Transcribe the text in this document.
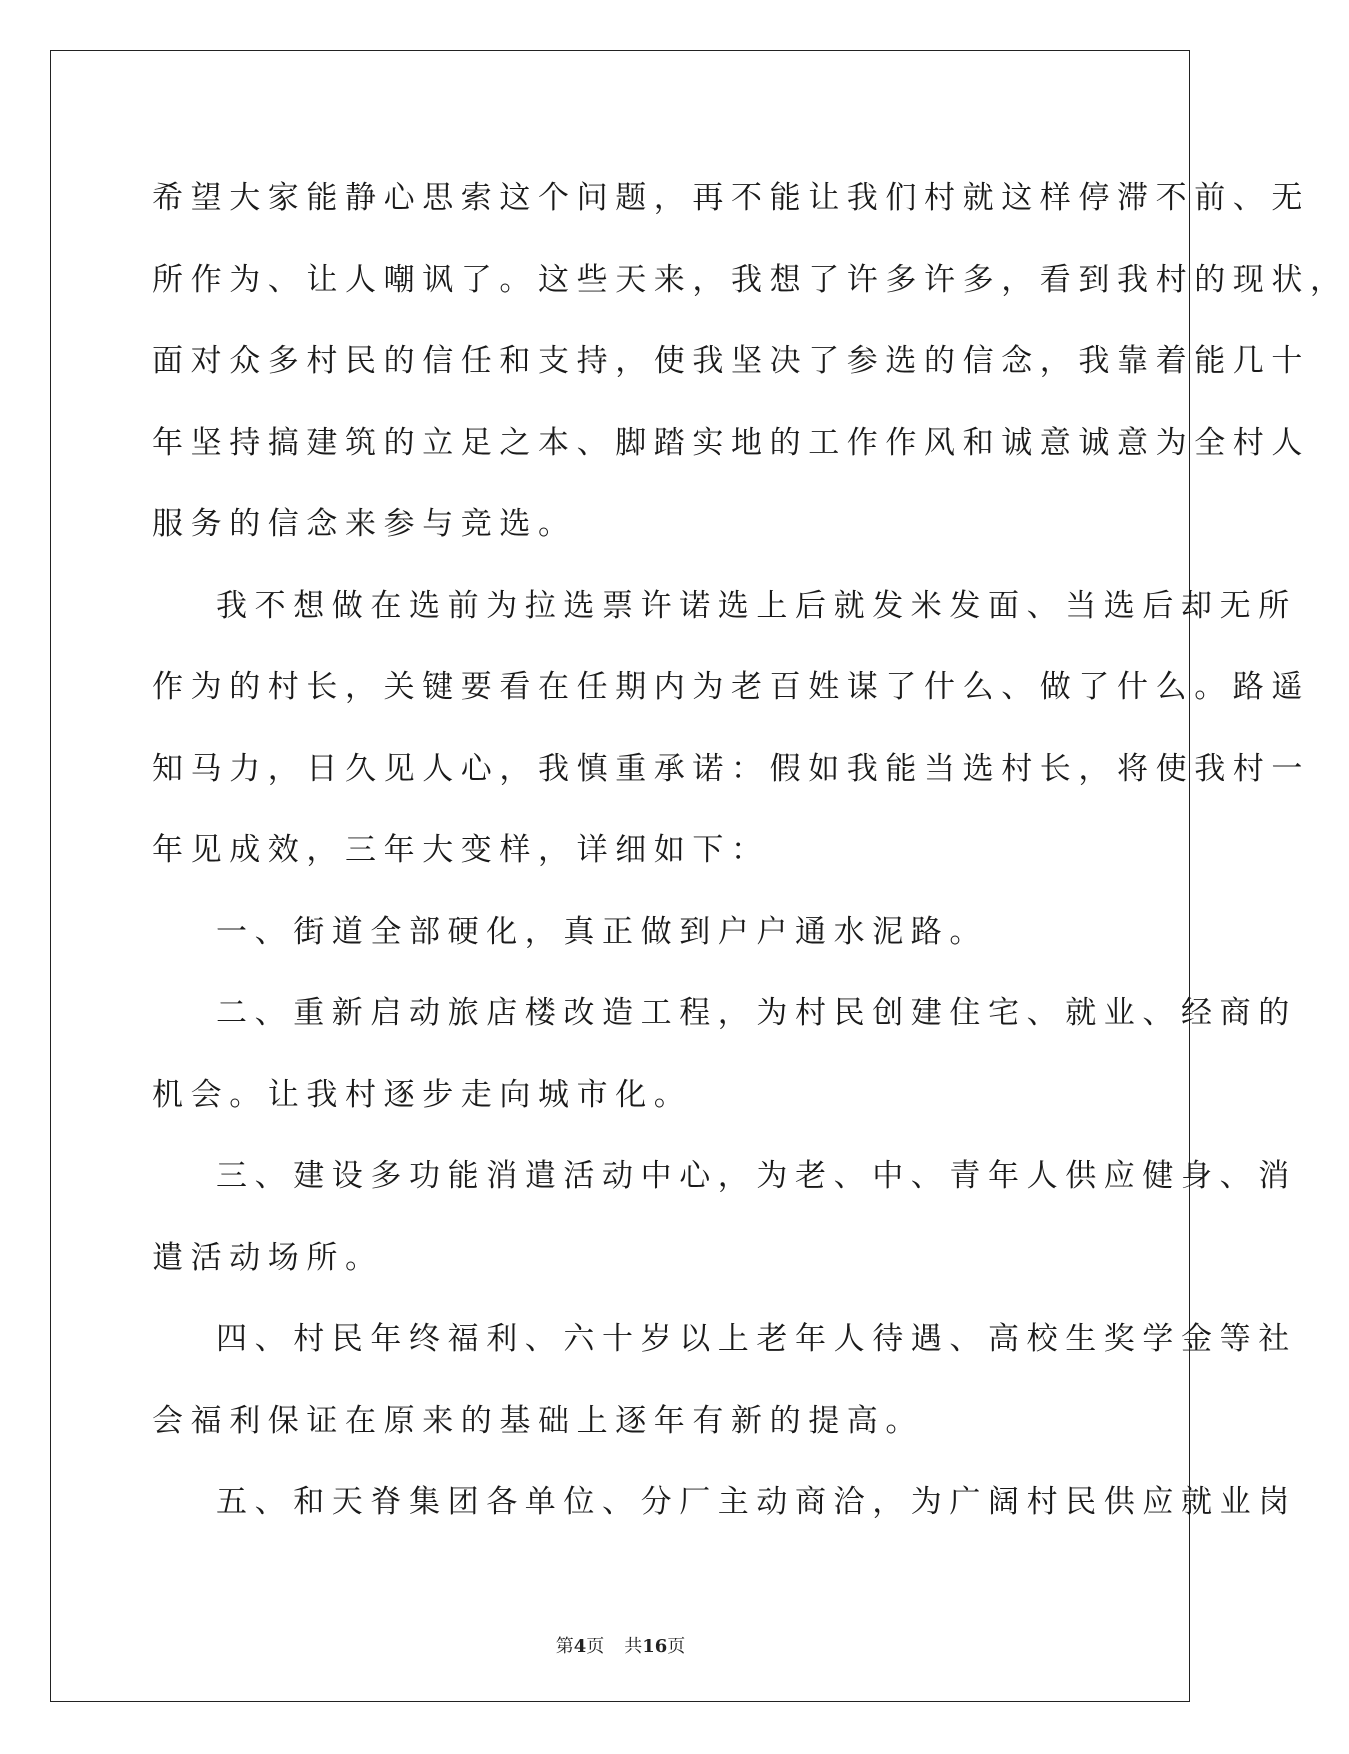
希望大家能静心思索这个问题，再不能让我们村就这样停滞不前、无
所作为、让人嘲讽了。这些天来，我想了许多许多，看到我村的现状，
面对众多村民的信任和支持，使我坚决了参选的信念，我靠着能几十
年坚持搞建筑的立足之本、脚踏实地的工作作风和诚意诚意为全村人
服务的信念来参与竞选。
我不想做在选前为拉选票许诺选上后就发米发面、当选后却无所
作为的村长，关键要看在任期内为老百姓谋了什么、做了什么。路遥
知马力，日久见人心，我慎重承诺：假如我能当选村长，将使我村一
年见成效，三年大变样，详细如下：
一、街道全部硬化，真正做到户户通水泥路。
二、重新启动旅店楼改造工程，为村民创建住宅、就业、经商的
机会。让我村逐步走向城市化。
三、建设多功能消遣活动中心，为老、中、青年人供应健身、消
遣活动场所。
四、村民年终福利、六十岁以上老年人待遇、高校生奖学金等社
会福利保证在原来的基础上逐年有新的提高。
五、和天脊集团各单位、分厂主动商洽，为广阔村民供应就业岗
第4页 共16页
